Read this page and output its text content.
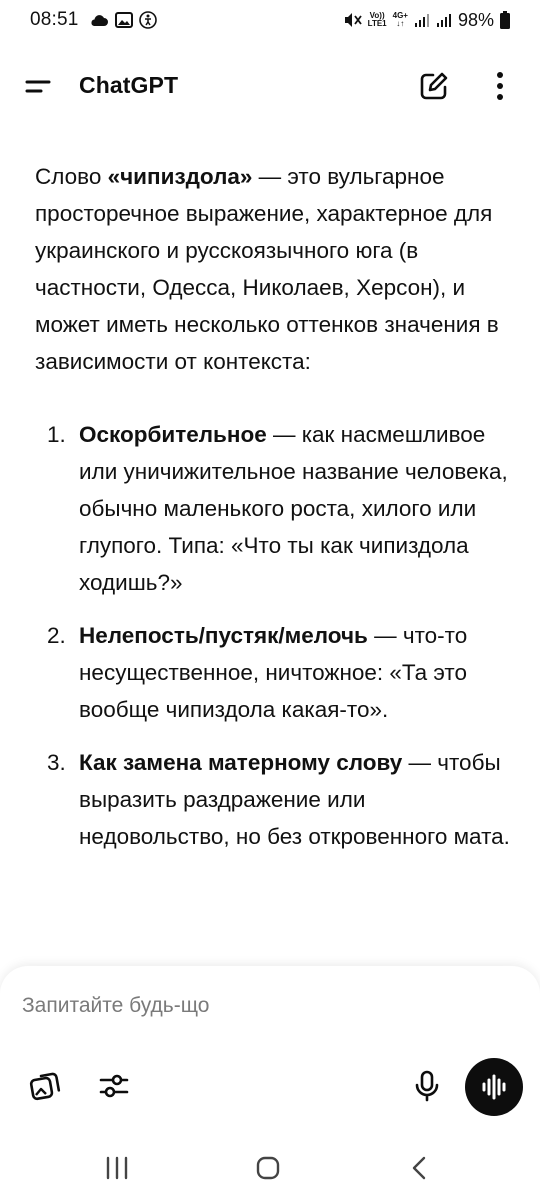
08:51	Vo))
LTE1
4G+
↓↑	98%
ChatGPT

Слово «чипиздола» — это вульгарное просторечное выражение, характерное для украинского и русскоязычного юга (в частности, Одесса, Николаев, Херсон), и может иметь несколько оттенков значения в зависимости от контекста:

1. Оскорбительное — как насмешливое или уничижительное название человека, обычно маленького роста, хилого или глупого. Типа: «Что ты как чипиздола ходишь?»
2. Нелепость/пустяк/мелочь — что-то несущественное, ничтожное: «Та это вообще чипиздола какая-то».
3. Как замена матерному слову — чтобы выразить раздражение или недовольство, но без откровенного мата.
Запитайте будь-що
